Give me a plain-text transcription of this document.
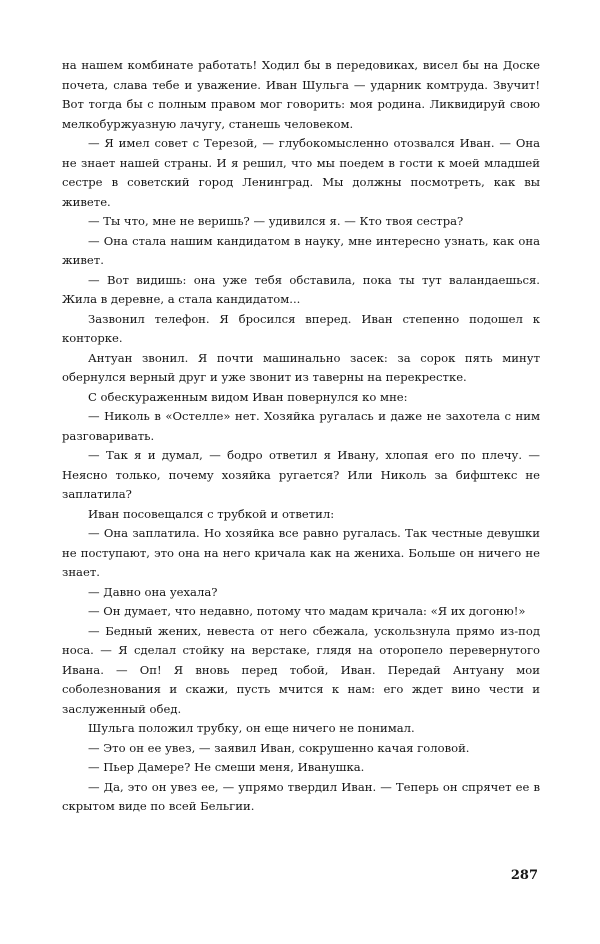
на нашем комбинате работать! Ходил бы в передовиках, висел бы на Доске почета, слава тебе и уважение. Иван Шульга — ударник комтруда. Звучит! Вот тогда бы с полным правом мог говорить: моя родина. Ликвидируй свою мелкобуржуазную лачугу, станешь человеком.

— Я имел совет с Терезой, — глубокомысленно отозвался Иван. — Она не знает нашей страны. И я решил, что мы поедем в гости к моей младшей сестре в советский город Ленинград. Мы должны посмотреть, как вы живете.

— Ты что, мне не веришь? — удивился я. — Кто твоя сестра?

— Она стала нашим кандидатом в науку, мне интересно узнать, как она живет.

— Вот видишь: она уже тебя обставила, пока ты тут валандаешься. Жила в деревне, а стала кандидатом...

Зазвонил телефон. Я бросился вперед. Иван степенно подошел к конторке.

Антуан звонил. Я почти машинально засек: за сорок пять минут обернулся верный друг и уже звонит из таверны на перекрестке.

С обескураженным видом Иван повернулся ко мне:

— Николь в «Остелле» нет. Хозяйка ругалась и даже не захотела с ним разговаривать.

— Так я и думал, — бодро ответил я Ивану, хлопая его по плечу. — Неясно только, почему хозяйка ругается? Или Николь за бифштекс не заплатила?

Иван посовещался с трубкой и ответил:

— Она заплатила. Но хозяйка все равно ругалась. Так честные девушки не поступают, это она на него кричала как на жениха. Больше он ничего не знает.

— Давно она уехала?

— Он думает, что недавно, потому что мадам кричала: «Я их догоню!»

— Бедный жених, невеста от него сбежала, ускользнула прямо из-под носа. — Я сделал стойку на верстаке, глядя на оторопело перевернутого Ивана. — Оп! Я вновь перед тобой, Иван. Передай Антуану мои соболезнования и скажи, пусть мчится к нам: его ждет вино чести и заслуженный обед.

Шульга положил трубку, он еще ничего не понимал.

— Это он ее увез, — заявил Иван, сокрушенно качая головой.

— Пьер Дамере? Не смеши меня, Иванушка.

— Да, это он увез ее, — упрямо твердил Иван. — Теперь он спрячет ее в скрытом виде по всей Бельгии.

287
